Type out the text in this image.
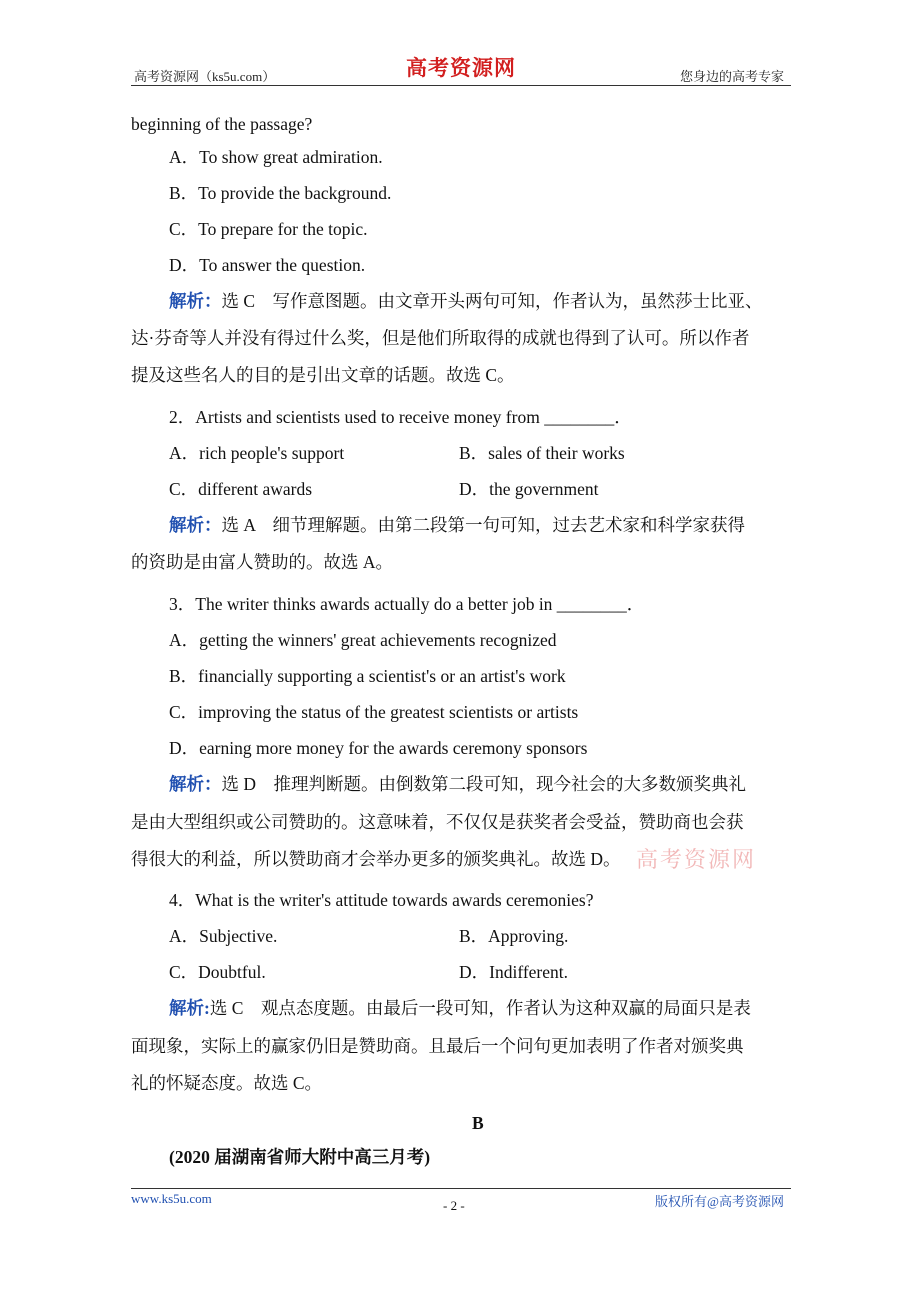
高考资源网（ks5u.com）	高考资源网	您身边的高考专家
beginning of the passage?
A．To show great admiration.
B．To provide the background.
C．To prepare for the topic.
D．To answer the question.
解析：选 C　写作意图题。由文章开头两句可知，作者认为，虽然莎士比亚、
达·芬奇等人并没有得过什么奖，但是他们所取得的成就也得到了认可。所以作者
提及这些名人的目的是引出文章的话题。故选 C。
2．Artists and scientists used to receive money from ________．
A．rich people's support	B．sales of their works
C．different awards	D．the government
解析：选 A　细节理解题。由第二段第一句可知，过去艺术家和科学家获得
的资助是由富人赞助的。故选 A。
3．The writer thinks awards actually do a better job in ________．
A．getting the winners' great achievements recognized
B．financially supporting a scientist's or an artist's work
C．improving the status of the greatest scientists or artists
D．earning more money for the awards ceremony sponsors
解析：选 D　推理判断题。由倒数第二段可知，现今社会的大多数颁奖典礼
是由大型组织或公司赞助的。这意味着，不仅仅是获奖者会受益，赞助商也会获
得很大的利益，所以赞助商才会举办更多的颁奖典礼。故选 D。 高考资源网
4．What is the writer's attitude towards awards ceremonies?
A．Subjective.	B．Approving.
C．Doubtful.	D．Indifferent.
解析:选 C　观点态度题。由最后一段可知，作者认为这种双赢的局面只是表
面现象，实际上的赢家仍旧是赞助商。且最后一个问句更加表明了作者对颁奖典
礼的怀疑态度。故选 C。
B
(2020 届湖南省师大附中高三月考)
www.ks5u.com	- 2 -	版权所有@高考资源网
